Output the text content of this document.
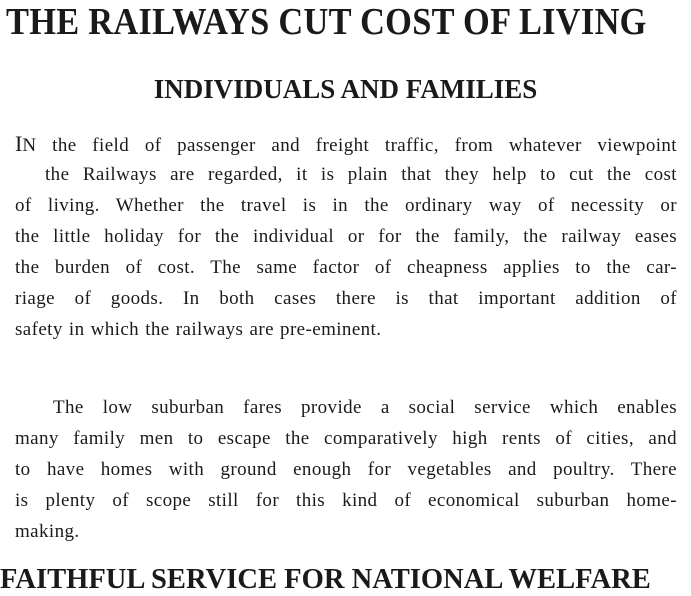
THE RAILWAYS CUT COST OF LIVING
INDIVIDUALS AND FAMILIES
IN the field of passenger and freight traffic, from whatever viewpoint
the Railways are regarded, it is plain that they help to cut the cost
of living. Whether the travel is in the ordinary way of necessity or
the little holiday for the individual or for the family, the railway eases
the burden of cost. The same factor of cheapness applies to the car-
riage of goods. In both cases there is that important addition of
safety in which the railways are pre-eminent.
The low suburban fares provide a social service which enables
many family men to escape the comparatively high rents of cities, and
to have homes with ground enough for vegetables and poultry. There
is plenty of scope still for this kind of economical suburban home-
making.
FAITHFUL SERVICE FOR NATIONAL WELFARE
